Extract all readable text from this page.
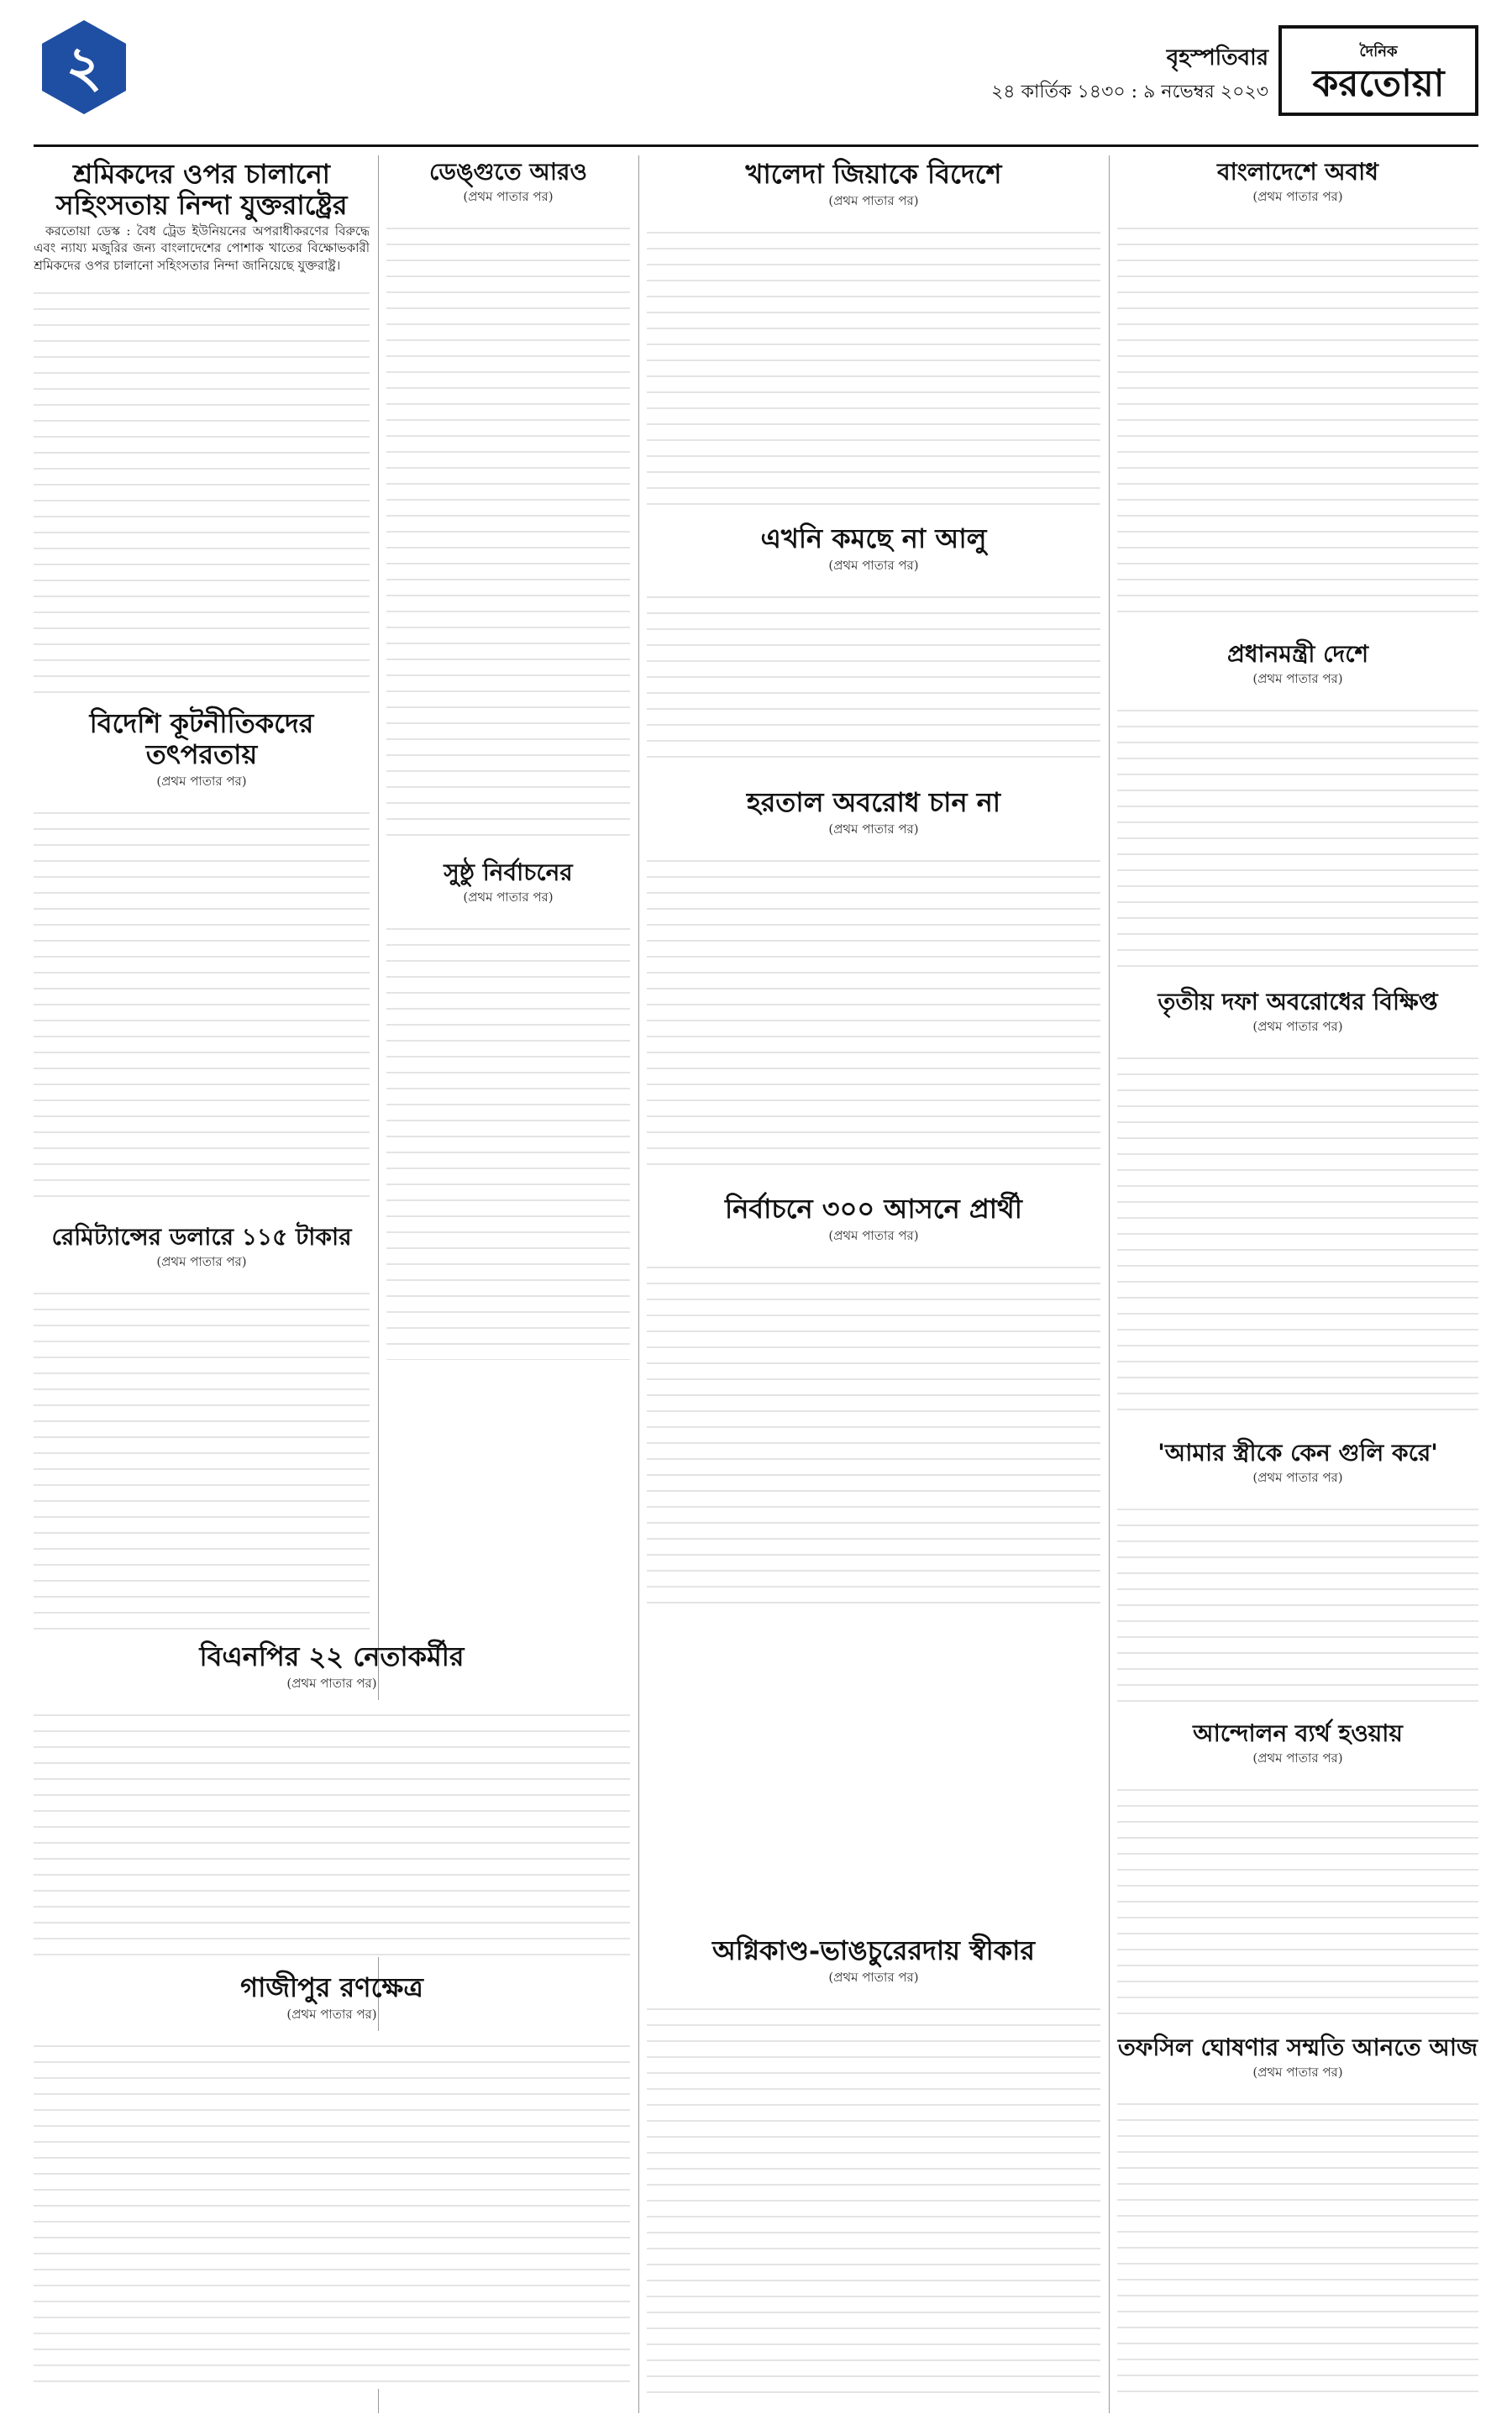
২	বৃহস্পতিবার
২৪ কার্তিক ১৪৩০ : ৯ নভেম্বর ২০২৩
দৈনিক
করতোয়া
শ্রমিকদের ওপর চালানো সহিংসতায় নিন্দা যুক্তরাষ্ট্রের

করতোয়া ডেস্ক : বৈধ ট্রেড ইউনিয়নের অপরাধীকরণের বিরুদ্ধে এবং ন্যায্য মজুরির জন্য বাংলাদেশের পোশাক খাতের বিক্ষোভকারী শ্রমিকদের ওপর চালানো সহিংসতার নিন্দা জানিয়েছে যুক্তরাষ্ট্র।

বিদেশি কূটনীতিকদের তৎপরতায়
(প্রথম পাতার পর)
রেমিট্যান্সের ডলারে ১১৫ টাকার
(প্রথম পাতার পর)
ডেঙ্গুতে আরও
(প্রথম পাতার পর)
সুষ্ঠু নির্বাচনের
(প্রথম পাতার পর)
খালেদা জিয়াকে বিদেশে
(প্রথম পাতার পর)
এখনি কমছে না আলু
(প্রথম পাতার পর)
হরতাল অবরোধ চান না
(প্রথম পাতার পর)
নির্বাচনে ৩০০ আসনে প্রার্থী
(প্রথম পাতার পর)
বাংলাদেশে অবাধ
(প্রথম পাতার পর)
প্রধানমন্ত্রী দেশে
(প্রথম পাতার পর)
তৃতীয় দফা অবরোধের বিক্ষিপ্ত
(প্রথম পাতার পর)
বিএনপির ২২ নেতাকর্মীর
(প্রথম পাতার পর)
গাজীপুর রণক্ষেত্র
(প্রথম পাতার পর)
অগ্নিকাণ্ড-ভাঙচুরেরদায় স্বীকার
(প্রথম পাতার পর)
'আমার স্ত্রীকে কেন গুলি করে'
(প্রথম পাতার পর)
আন্দোলন ব্যর্থ হওয়ায়
(প্রথম পাতার পর)
তফসিল ঘোষণার সম্মতি আনতে আজ
(প্রথম পাতার পর)
